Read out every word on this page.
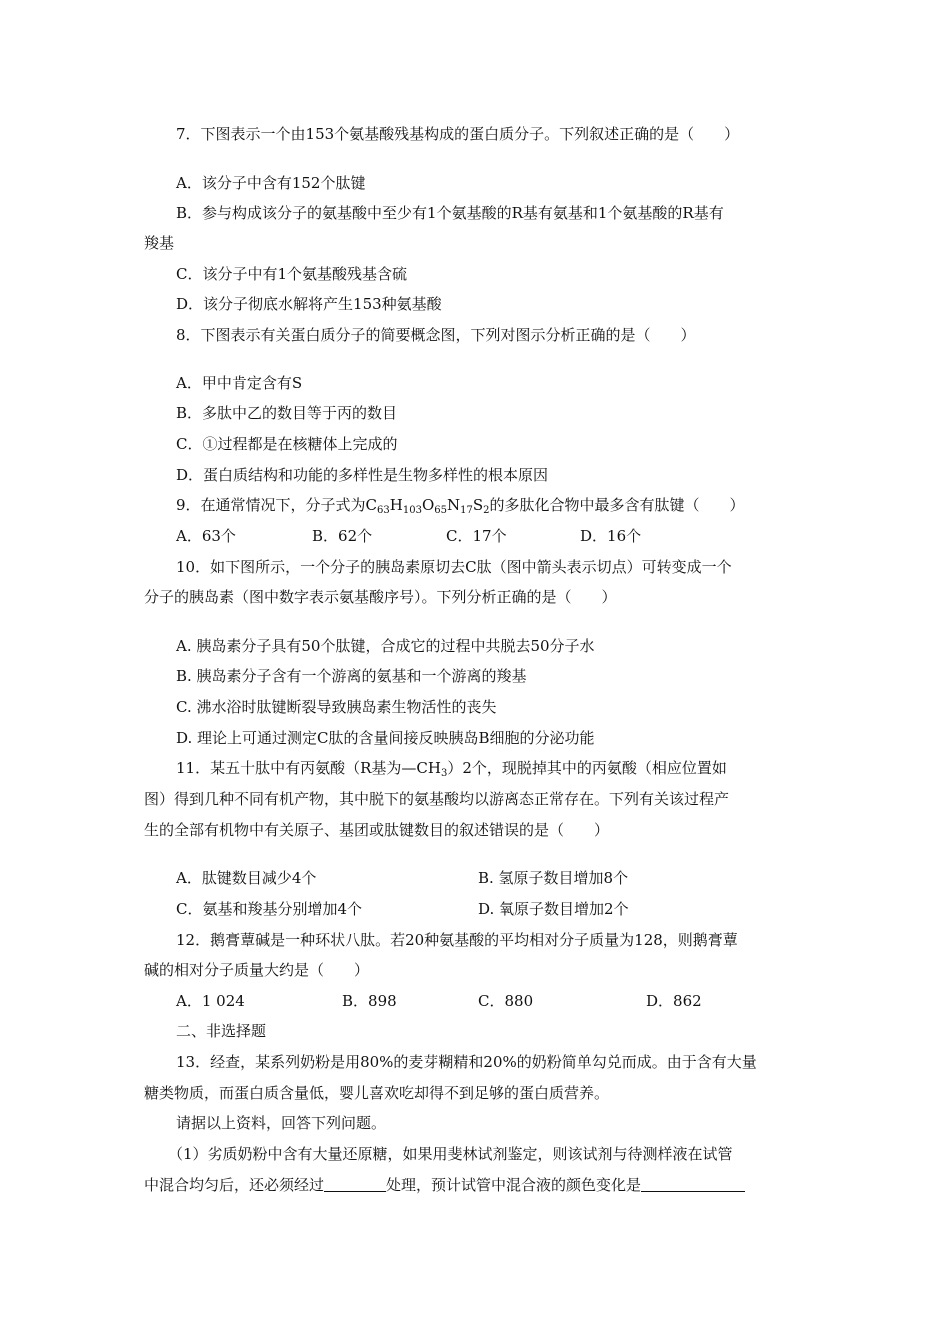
7．下图表示一个由153个氨基酸残基构成的蛋白质分子。下列叙述正确的是（　　）
A．该分子中含有152个肽键
B．参与构成该分子的氨基酸中至少有1个氨基酸的R基有氨基和1个氨基酸的R基有
羧基
C．该分子中有1个氨基酸残基含硫
D．该分子彻底水解将产生153种氨基酸
8．下图表示有关蛋白质分子的简要概念图，下列对图示分析正确的是（　　）
A．甲中肯定含有S
B．多肽中乙的数目等于丙的数目
C．①过程都是在核糖体上完成的
D．蛋白质结构和功能的多样性是生物多样性的根本原因
9．在通常情况下，分子式为$C_{63}H_{103}O_{65}N_{17}S_2$的多肽化合物中最多含有肽键（　　）
A．63个	B．62个	C．17个	D．16个
10．如下图所示，一个分子的胰岛素原切去C肽（图中箭头表示切点）可转变成一个
分子的胰岛素（图中数字表示氨基酸序号）。下列分析正确的是（　　）
A. 胰岛素分子具有50个肽键，合成它的过程中共脱去50分子水
B. 胰岛素分子含有一个游离的氨基和一个游离的羧基
C. 沸水浴时肽键断裂导致胰岛素生物活性的丧失
D. 理论上可通过测定C肽的含量间接反映胰岛B细胞的分泌功能
11．某五十肽中有丙氨酸（R基为$—CH_3)2$个，现脱掉其中的丙氨酸（相应位置如
图）得到几种不同有机产物，其中脱下的氨基酸均以游离态正常存在。下列有关该过程产
生的全部有机物中有关原子、基团或肽键数目的叙述错误的是（　　）
A．肽键数目减少4个	B. 氢原子数目增加8个
C．氨基和羧基分别增加4个	D. 氧原子数目增加2个
12．鹅膏蕈碱是一种环状八肽。若20种氨基酸的平均相对分子质量为128，则鹅膏蕈
碱的相对分子质量大约是（　　）
A．1 024	B．898	C．880	D．862
二、非选择题
13．经查，某系列奶粉是用80%的麦芽糊精和20%的奶粉简单勾兑而成。由于含有大量
糖类物质，而蛋白质含量低，婴儿喜欢吃却得不到足够的蛋白质营养。
请据以上资料，回答下列问题。
（1）劣质奶粉中含有大量还原糖，如果用斐林试剂鉴定，则该试剂与待测样液在试管
中混合均匀后，还必须经过	处理，预计试管中混合液的颜色变化是
